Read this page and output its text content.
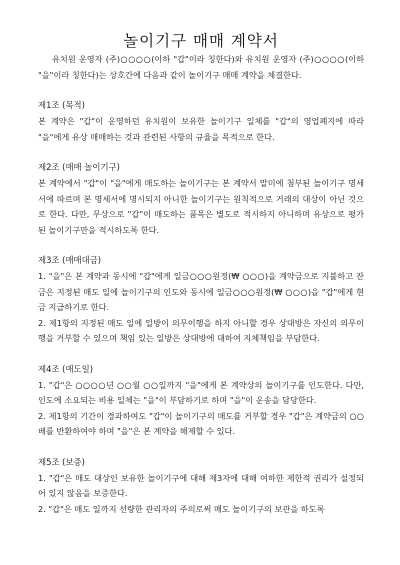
놀이기구 매매 계약서

유치원 운영자 (주)○○○○(이하 "갑"이라 칭한다)와 유치원 운영자 (주)○○○○(이하 "을"이라 칭한다)는 상호간에 다음과 같이 놀이기구 매매 계약을 체결한다.

제1조 (목적)

본 계약은 "갑"이 운영하던 유치원이 보유한 놀이기구 일체를 "갑"의 영업폐지에 따라 "을"에게 유상 매매하는 것과 관련된 사항의 규율을 목적으로 한다.

제2조 (매매 놀이기구)

본 계약에서 "갑"이 "을"에게 매도하는 놀이기구는 본 계약서 말미에 첨부된 놀이기구 명세서에 따르며 본 명세서에 명시되지 아니한 놀이기구는 원칙적으로 거래의 대상이 아닌 것으로 한다. 다만, 무상으로 "갑"이 매도하는 품목은 별도로 적시하지 아니하며 유상으로 평가된 놀이기구만을 적시하도록 한다.

제3조 (매매대금)

1. "을"은 본 계약과 동시에 "갑"에게 일금○○○원정(₩ ○○○)을 계약금으로 지불하고 잔금은 지정된 매도 일에 놀이기구의 인도와 동시에 일금○○○원정(₩ ○○○)을 "갑"에게 현금 지급하기로 한다.

2. 제1항의 지정된 매도 일에 일방이 의무이행을 하지 아니할 경우 상대방은 자신의 의무이행을 거부할 수 있으며 책임 있는 일방은 상대방에 대하여 지체책임을 부담한다.

제4조 (매도일)

1. "갑"은 ○○○○년 ○○월 ○○일까지 "을"에게 본 계약상의 놀이기구를 인도한다. 다만, 인도에 소요되는 비용 일체는 "을"이 부담하기로 하며 "을"이 운송을 담당한다.

2. 제1항의 기간이 경과하여도 "갑"이 놀이기구의 매도를 거부할 경우 "갑"은 계약금의 ○○배를 반환하여야 하며 "을"은 본 계약을 해제할 수 있다.

제5조 (보증)

1. "갑"은 매도 대상인 보유한 놀이기구에 대해 제3자에 대해 여하한 제한적 권리가 설정되어 있지 않음을 보증한다.

2. "갑"은 매도 일까지 선량한 관리자의 주의로써 매도 놀이기구의 보관을 하도록
